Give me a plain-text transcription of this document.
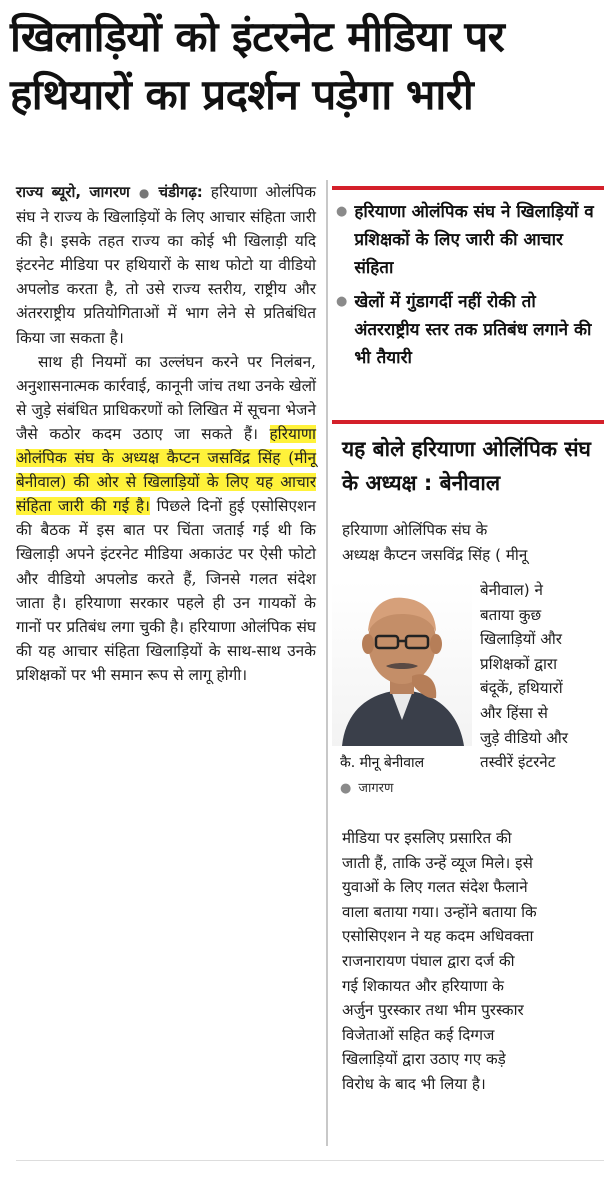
खिलाड़ियों को इंटरनेट मीडिया पर
हथियारों का प्रदर्शन पड़ेगा भारी

राज्य ब्यूरो, जागरण ● चंडीगढ़: हरियाणा ओलंपिक संघ ने राज्य के खिलाड़ियों के लिए आचार संहिता जारी की है। इसके तहत राज्य का कोई भी खिलाड़ी यदि इंटरनेट मीडिया पर हथियारों के साथ फोटो या वीडियो अपलोड करता है, तो उसे राज्य स्तरीय, राष्ट्रीय और अंतरराष्ट्रीय प्रतियोगिताओं में भाग लेने से प्रतिबंधित किया जा सकता है।

साथ ही नियमों का उल्लंघन करने पर निलंबन, अनुशासनात्मक कार्रवाई, कानूनी जांच तथा उनके खेलों से जुड़े संबंधित प्राधिकरणों को लिखित में सूचना भेजने जैसे कठोर कदम उठाए जा सकते हैं। हरियाणा ओलंपिक संघ के अध्यक्ष कैप्टन जसविंद्र सिंह (मीनू बेनीवाल) की ओर से खिलाड़ियों के लिए यह आचार संहिता जारी की गई है। पिछले दिनों हुई एसोसिएशन की बैठक में इस बात पर चिंता जताई गई थी कि खिलाड़ी अपने इंटरनेट मीडिया अकाउंट पर ऐसी फोटो और वीडियो अपलोड करते हैं, जिनसे गलत संदेश जाता है। हरियाणा सरकार पहले ही उन गायकों के गानों पर प्रतिबंध लगा चुकी है। हरियाणा ओलंपिक संघ की यह आचार संहिता खिलाड़ियों के साथ-साथ उनके प्रशिक्षकों पर भी समान रूप से लागू होगी।

● हरियाणा ओलंपिक संघ ने खिलाड़ियों व प्रशिक्षकों के लिए जारी की आचार संहिता
● खेलों में गुंडागर्दी नहीं रोकी तो अंतरराष्ट्रीय स्तर तक प्रतिबंध लगाने की भी तैयारी
यह बोले हरियाणा ओलिंपिक संघ के अध्यक्ष : बेनीवाल
हरियाणा ओलिंपिक संघ के
अध्यक्ष कैप्टन जसविंद्र सिंह ( मीनू
बेनीवाल) ने
बताया कुछ
खिलाड़ियों और
प्रशिक्षकों द्वारा
बंदूकें, हथियारों
और हिंसा से
जुड़े वीडियो और
तस्वीरें इंटरनेट
कै. मीनू बेनीवाल
● जागरण
मीडिया पर इसलिए प्रसारित की
जाती हैं, ताकि उन्हें व्यूज मिले। इसे
युवाओं के लिए गलत संदेश फैलाने
वाला बताया गया। उन्होंने बताया कि
एसोसिएशन ने यह कदम अधिवक्ता
राजनारायण पंघाल द्वारा दर्ज की
गई शिकायत और हरियाणा के
अर्जुन पुरस्कार तथा भीम पुरस्कार
विजेताओं सहित कई दिग्गज
खिलाड़ियों द्वारा उठाए गए कड़े
विरोध के बाद भी लिया है।
